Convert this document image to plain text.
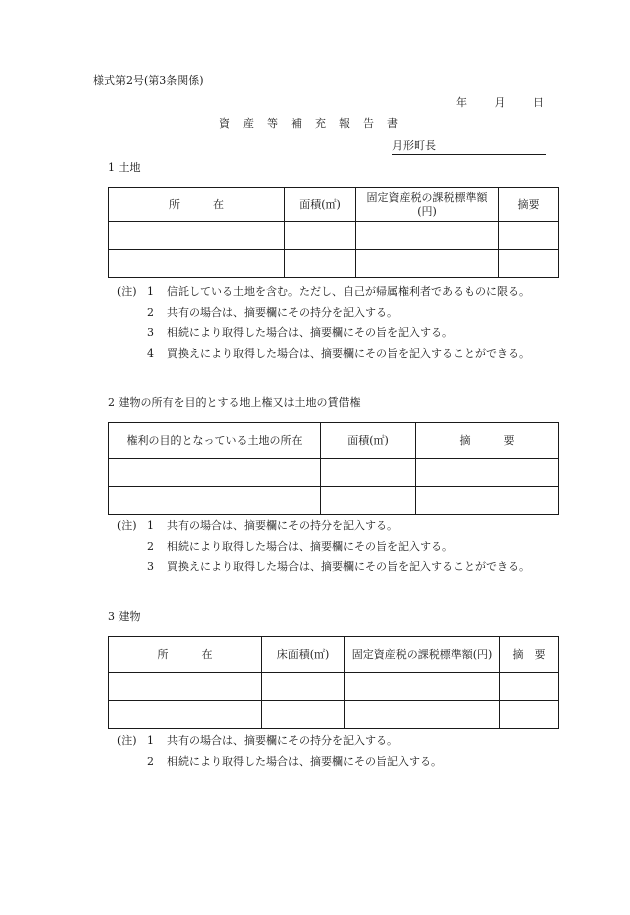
様式第2号(第3条関係)
年	月	日
資産等補充報告書
月形町長
1 土地
所　　　在	面積(㎡)	固定資産税の課税標準額(円)	摘要

(注) 1 信託している土地を含む。ただし、自己が帰属権利者であるものに限る。
2 共有の場合は、摘要欄にその持分を記入する。
3 相続により取得した場合は、摘要欄にその旨を記入する。
4 買換えにより取得した場合は、摘要欄にその旨を記入することができる。
2 建物の所有を目的とする地上権又は土地の賃借権
権利の目的となっている土地の所在	面積(㎡)	摘　　　要

(注) 1 共有の場合は、摘要欄にその持分を記入する。
2 相続により取得した場合は、摘要欄にその旨を記入する。
3 買換えにより取得した場合は、摘要欄にその旨を記入することができる。
3 建物
所　　　在	床面積(㎡)	固定資産税の課税標準額(円)	摘　要

(注) 1 共有の場合は、摘要欄にその持分を記入する。
2 相続により取得した場合は、摘要欄にその旨記入する。
